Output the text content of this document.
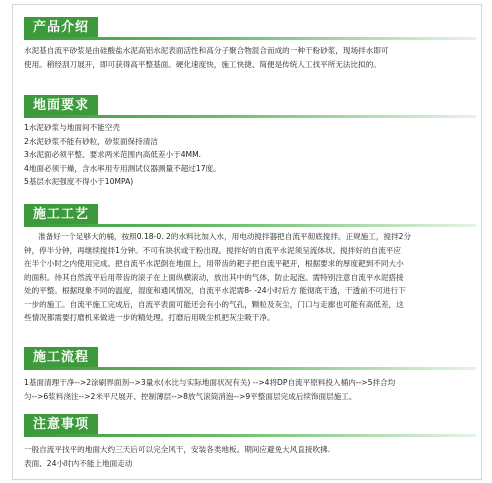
产品介绍

水泥基自流平砂浆是由硅酸盐水泥高铝水泥表面活性和高分子聚合物混合而成的一种干粉砂浆，现场拌水即可

使用。稍经刮刀展开，即可获得高平整基面。硬化速度快，施工快捷、简便是传统人工找平所无法比拟的。

地面要求

1水泥砂浆与地面间不能空壳

2水泥砂浆不能有砂粒，砂浆面保持清洁

3水泥面必须平整、要求两米范围内高低差小于4MM.

4地面必须干燥，含水率用专用测试仪器测量不超过17度。

5基层水泥强度不得小于10MPA)

施工工艺

准备好一个足够大的桶，按照0.18-0. 2的水料比加入水，用电动搅拌器把自流平彻底搅拌。正规施工，搅拌2分

钟，停半分钟，再继续搅拌1分钟。不可有块状或干粉出现。搅拌好的自流平水泥须呈流体状。搅拌好的自流平应

在半个小时之内使用完成。把自流平水泥倒在地面上，用带齿的耙子把自流平耙开，根据要求的厚度耙到不同大小

的面积。待其自然流平后用带齿的滚子在上面纵横滚动，放出其中的气体，防止起泡。需特别注意自流平水泥搭接

处的平整。根据现象不同的温度，湿度和通风情况，自流平水泥需8- -24小时后方 能彻底干透，干透前不可进行下

一步的施工。自流平施工完成后，自流平表面可能还会有小的气孔，颗粒及灰尘，门口与走廊也可能有高低差，这

些情况都需要打磨机来做进一步的精处理。打磨后用吸尘机把灰尘吸干净。

施工流程

1基面清理干净-->2涂刷界面剂-->3量水(水比与实际地面状况有关) -->4将DP自流平原料投入桶内-->5拌合均

匀-->6浆料浇注-->2米平尺展开、控制薄层-->8放气滚筒消泡-->9平整面层完成后续饰面层施工。

注意事项

一般自流平找平的地面大约三天后可以完全风干，安装各类地板。期间应避免大风直接吹拂.

表面、24小时内不能上地面走动
